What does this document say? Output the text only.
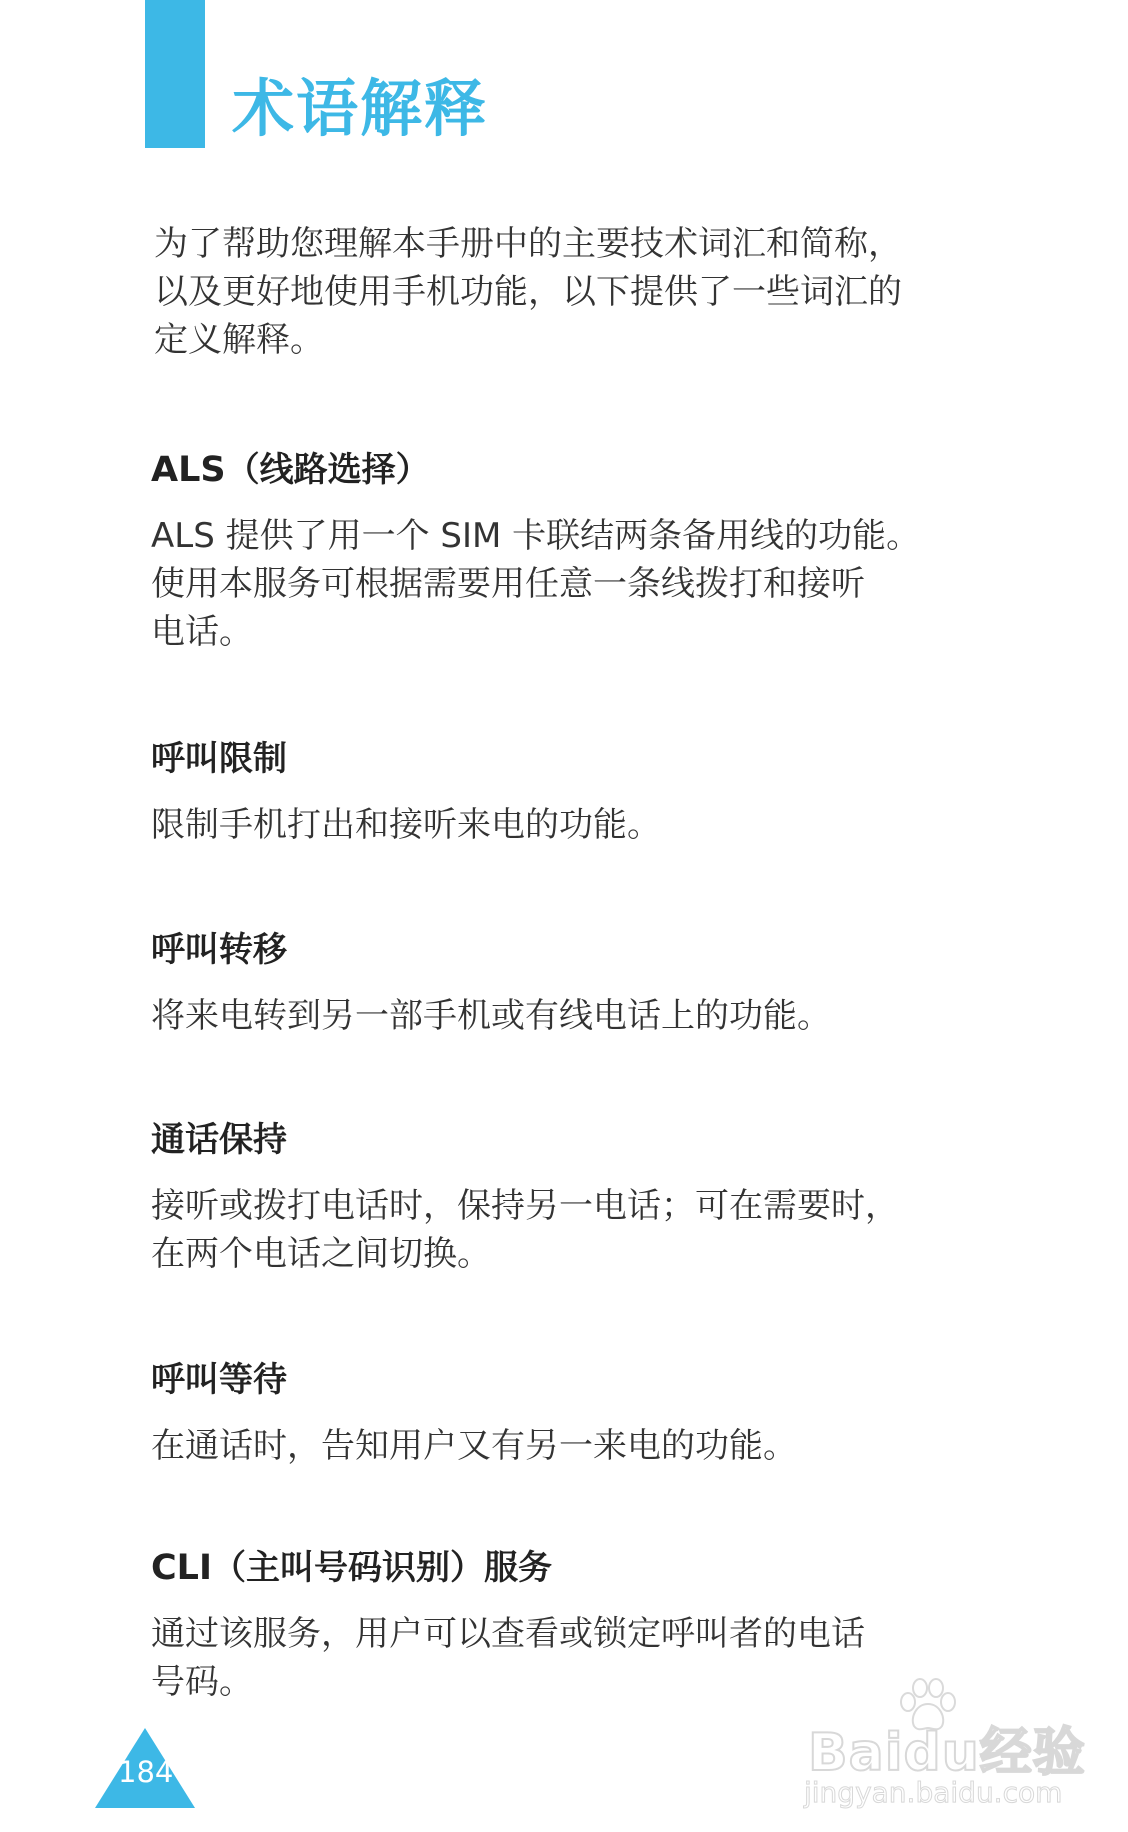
术语解释

为了帮助您理解本手册中的主要技术词汇和简称，
以及更好地使用手机功能，以下提供了一些词汇的
定义解释。

ALS（线路选择）

ALS 提供了用一个 SIM 卡联结两条备用线的功能。
使用本服务可根据需要用任意一条线拨打和接听
电话。

呼叫限制

限制手机打出和接听来电的功能。

呼叫转移

将来电转到另一部手机或有线电话上的功能。

通话保持

接听或拨打电话时，保持另一电话；可在需要时，
在两个电话之间切换。

呼叫等待

在通话时，告知用户又有另一来电的功能。

CLI（主叫号码识别）服务

通过该服务，用户可以查看或锁定呼叫者的电话
号码。

184	Baidu经验
jingyan.baidu.com
